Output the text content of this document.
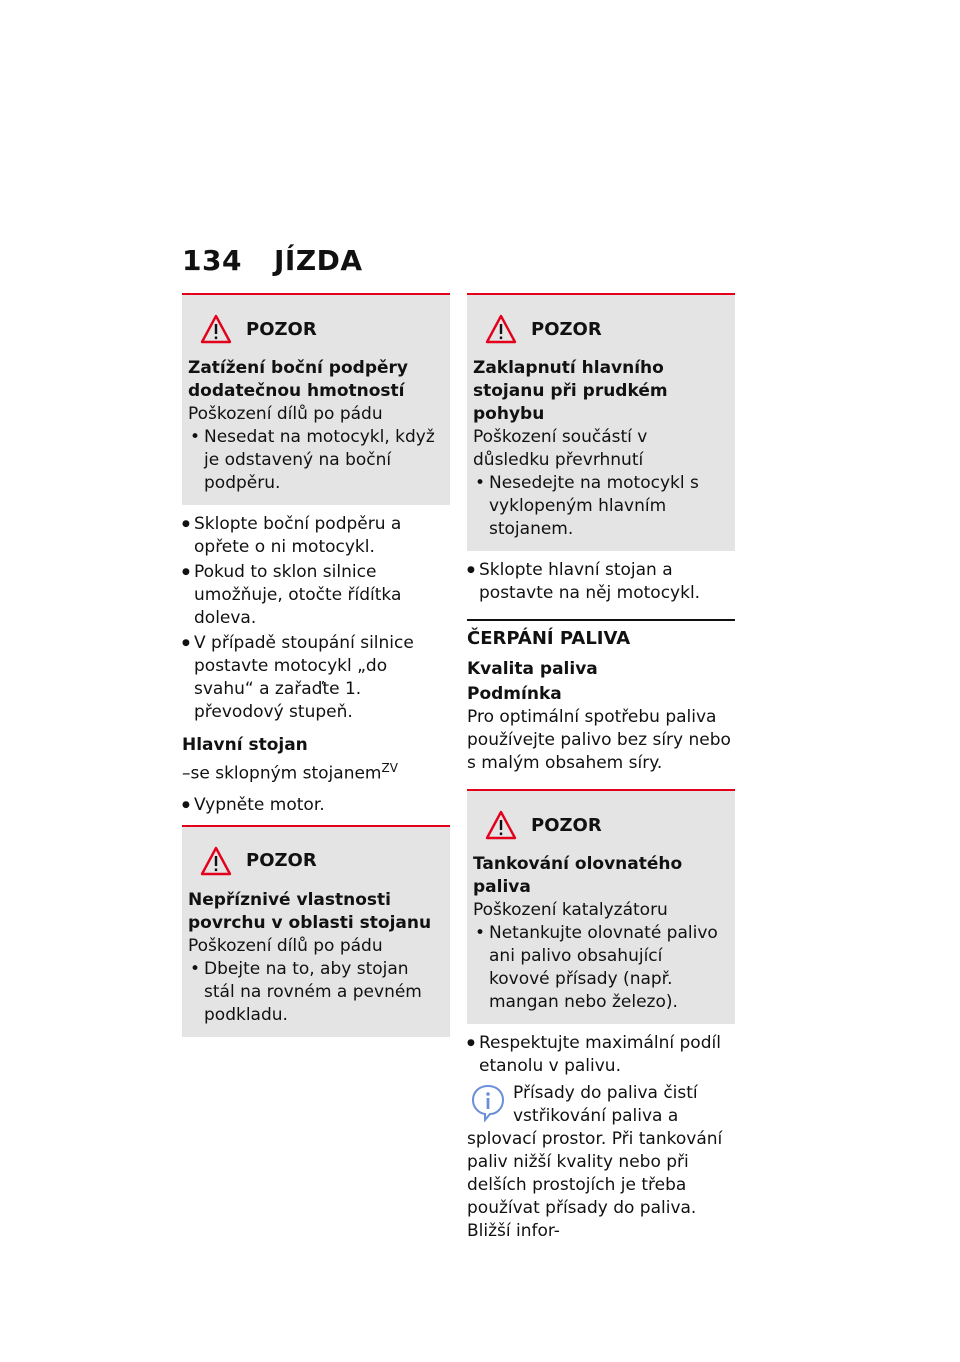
134 JÍZDA
POZOR
Zatížení boční podpěry dodatečnou hmotností
Poškození dílů po pádu
• Nesedat na motocykl, když je odstavený na boční podpěru.
● Sklopte boční podpěru a opřete o ni motocykl.
● Pokud to sklon silnice umožňuje, otočte řídítka doleva.
● V případě stoupání silnice postavte motocykl „do svahu“ a zařaďte 1. převodový stupeň.
Hlavní stojan
–se sklopným stojanem$^{ZV}$
● Vypněte motor.
POZOR
Nepříznivé vlastnosti povrchu v oblasti stojanu
Poškození dílů po pádu
• Dbejte na to, aby stojan stál na rovném a pevném podkladu.
POZOR
Zaklapnutí hlavního stojanu při prudkém pohybu
Poškození součástí v důsledku převrhnutí
• Nesedejte na motocykl s vyklopeným hlavním stojanem.
● Sklopte hlavní stojan a postavte na něj motocykl.
ČERPÁNÍ PALIVA
Kvalita paliva
Podmínka
Pro optimální spotřebu paliva používejte palivo bez síry nebo s malým obsahem síry.
POZOR
Tankování olovnatého paliva
Poškození katalyzátoru
• Netankujte olovnaté palivo ani palivo obsahující kovové přísady (např. mangan nebo železo).
● Respektujte maximální podíl etanolu v palivu.
Přísady do paliva čistí vstřikování paliva a splovací prostor. Při tankování paliv nižší kvality nebo při delších prostojích je třeba používat přísady do paliva. Bližší infor-
